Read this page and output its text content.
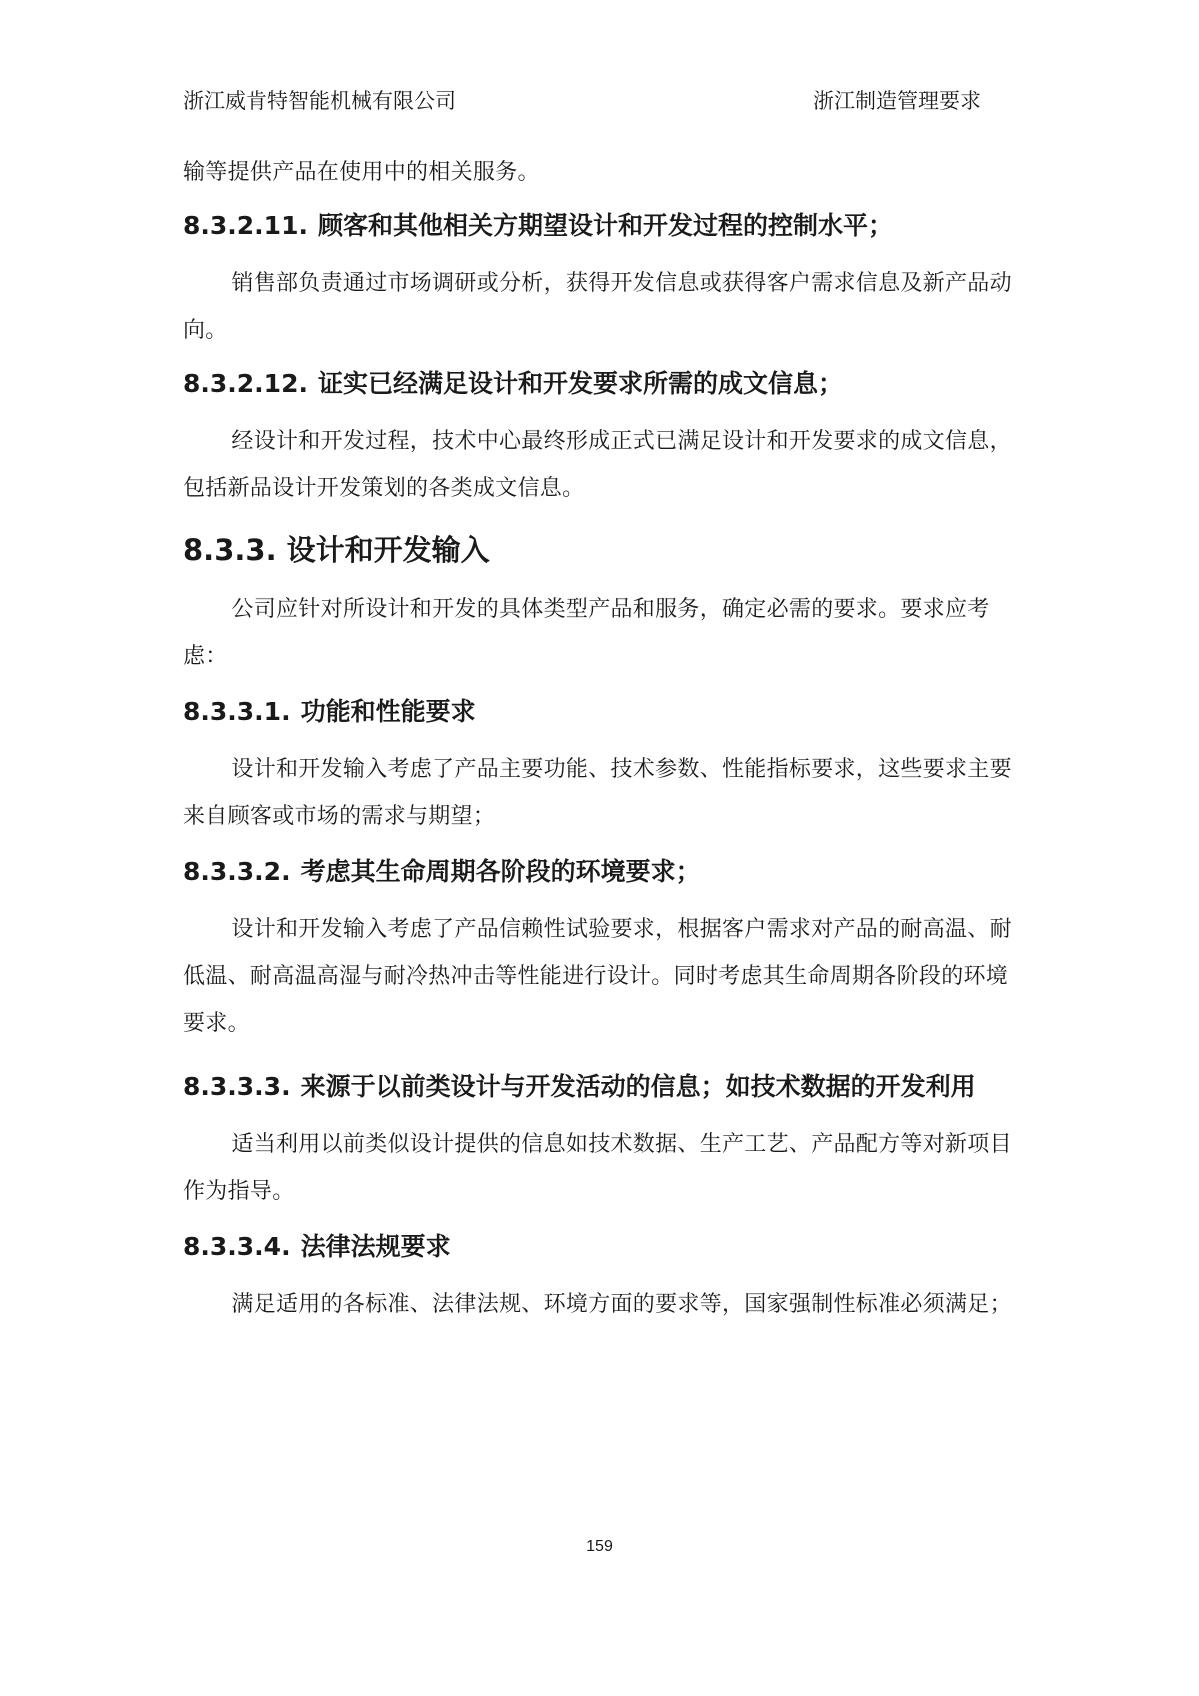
浙江威肯特智能机械有限公司	浙江制造管理要求

输等提供产品在使用中的相关服务。

8.3.2.11. 顾客和其他相关方期望设计和开发过程的控制水平；

销售部负责通过市场调研或分析，获得开发信息或获得客户需求信息及新产品动向。

8.3.2.12. 证实已经满足设计和开发要求所需的成文信息；

经设计和开发过程，技术中心最终形成正式已满足设计和开发要求的成文信息，包括新品设计开发策划的各类成文信息。

8.3.3. 设计和开发输入

公司应针对所设计和开发的具体类型产品和服务，确定必需的要求。要求应考虑：

8.3.3.1. 功能和性能要求

设计和开发输入考虑了产品主要功能、技术参数、性能指标要求，这些要求主要来自顾客或市场的需求与期望；

8.3.3.2. 考虑其生命周期各阶段的环境要求；

设计和开发输入考虑了产品信赖性试验要求，根据客户需求对产品的耐高温、耐低温、耐高温高湿与耐冷热冲击等性能进行设计。同时考虑其生命周期各阶段的环境要求。

8.3.3.3. 来源于以前类设计与开发活动的信息；如技术数据的开发利用

适当利用以前类似设计提供的信息如技术数据、生产工艺、产品配方等对新项目作为指导。

8.3.3.4. 法律法规要求

满足适用的各标准、法律法规、环境方面的要求等，国家强制性标准必须满足；

159
